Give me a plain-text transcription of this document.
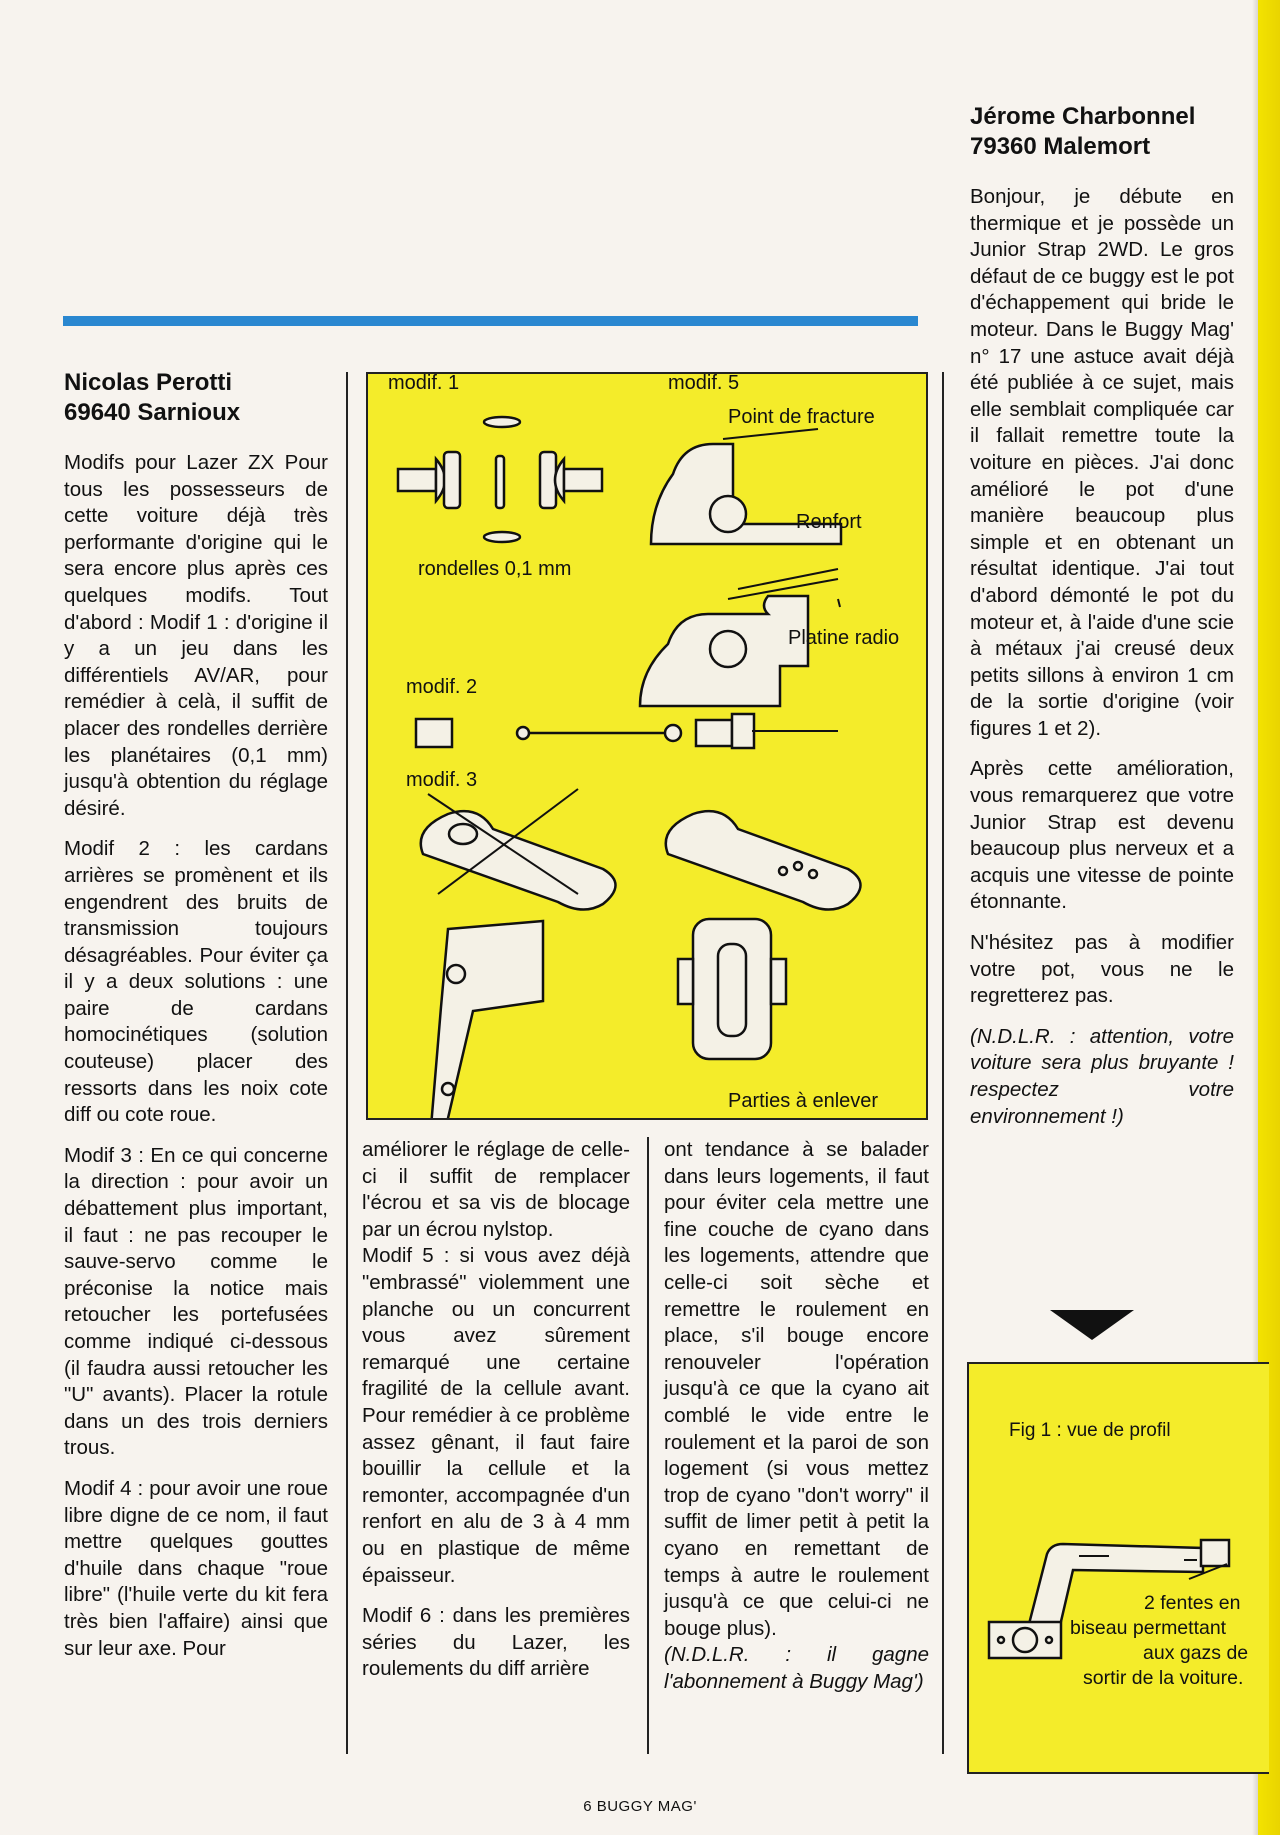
Nicolas Perotti
69640 Sarnioux

Modifs pour Lazer ZX Pour tous les possesseurs de cette voiture déjà très performante d'origine qui le sera encore plus après ces quelques modifs. Tout d'abord : Modif 1 : d'origine il y a un jeu dans les différentiels AV/AR, pour remédier à celà, il suffit de placer des rondelles derrière les planétaires (0,1 mm) jusqu'à obtention du réglage désiré.

Modif 2 : les cardans arrières se promènent et ils engendrent des bruits de transmission toujours désagréables. Pour éviter ça il y a deux solutions : une paire de cardans homocinétiques (solution couteuse) placer des ressorts dans les noix cote diff ou cote roue.

Modif 3 : En ce qui concerne la direction : pour avoir un débattement plus important, il faut : ne pas recouper le sauve-servo comme le préconise la notice mais retoucher les portefusées comme indiqué ci-dessous (il faudra aussi retoucher les "U" avants). Placer la rotule dans un des trois derniers trous.

Modif 4 : pour avoir une roue libre digne de ce nom, il faut mettre quelques gouttes d'huile dans chaque "roue libre" (l'huile verte du kit fera très bien l'affaire) ainsi que sur leur axe. Pour

modif. 1	modif. 5
Point de fracture
Renfort
rondelles 0,1 mm
Platine radio
modif. 2
modif. 3
Parties à enlever

améliorer le réglage de celle-ci il suffit de remplacer l'écrou et sa vis de blocage par un écrou nylstop.

Modif 5 : si vous avez déjà "embrassé" violemment une planche ou un concurrent vous avez sûrement remarqué une certaine fragilité de la cellule avant. Pour remédier à ce problème assez gênant, il faut faire bouillir la cellule et la remonter, accompagnée d'un renfort en alu de 3 à 4 mm ou en plastique de même épaisseur.

Modif 6 : dans les premières séries du Lazer, les roulements du diff arrière

ont tendance à se balader dans leurs logements, il faut pour éviter cela mettre une fine couche de cyano dans les logements, attendre que celle-ci soit sèche et remettre le roulement en place, s'il bouge encore renouveler l'opération jusqu'à ce que la cyano ait comblé le vide entre le roulement et la paroi de son logement (si vous mettez trop de cyano "don't worry" il suffit de limer petit à petit la cyano en remettant de temps à autre le roulement jusqu'à ce que celui-ci ne bouge plus).

(N.D.L.R. : il gagne l'abonnement à Buggy Mag')

Jérome Charbonnel
79360 Malemort

Bonjour, je débute en thermique et je possède un Junior Strap 2WD. Le gros défaut de ce buggy est le pot d'échappement qui bride le moteur. Dans le Buggy Mag' n° 17 une astuce avait déjà été publiée à ce sujet, mais elle semblait compliquée car il fallait remettre toute la voiture en pièces. J'ai donc amélioré le pot d'une manière beaucoup plus simple et en obtenant un résultat identique. J'ai tout d'abord démonté le pot du moteur et, à l'aide d'une scie à métaux j'ai creusé deux petits sillons à environ 1 cm de la sortie d'origine (voir figures 1 et 2).

Après cette amélioration, vous remarquerez que votre Junior Strap est devenu beaucoup plus nerveux et a acquis une vitesse de pointe étonnante.

N'hésitez pas à modifier votre pot, vous ne le regretterez pas.

(N.D.L.R. : attention, votre voiture sera plus bruyante ! respectez votre environnement !)

Fig 1 : vue de profil
2 fentes en
biseau permettant
aux gazs de
sortir de la voiture.
6 BUGGY MAG'
